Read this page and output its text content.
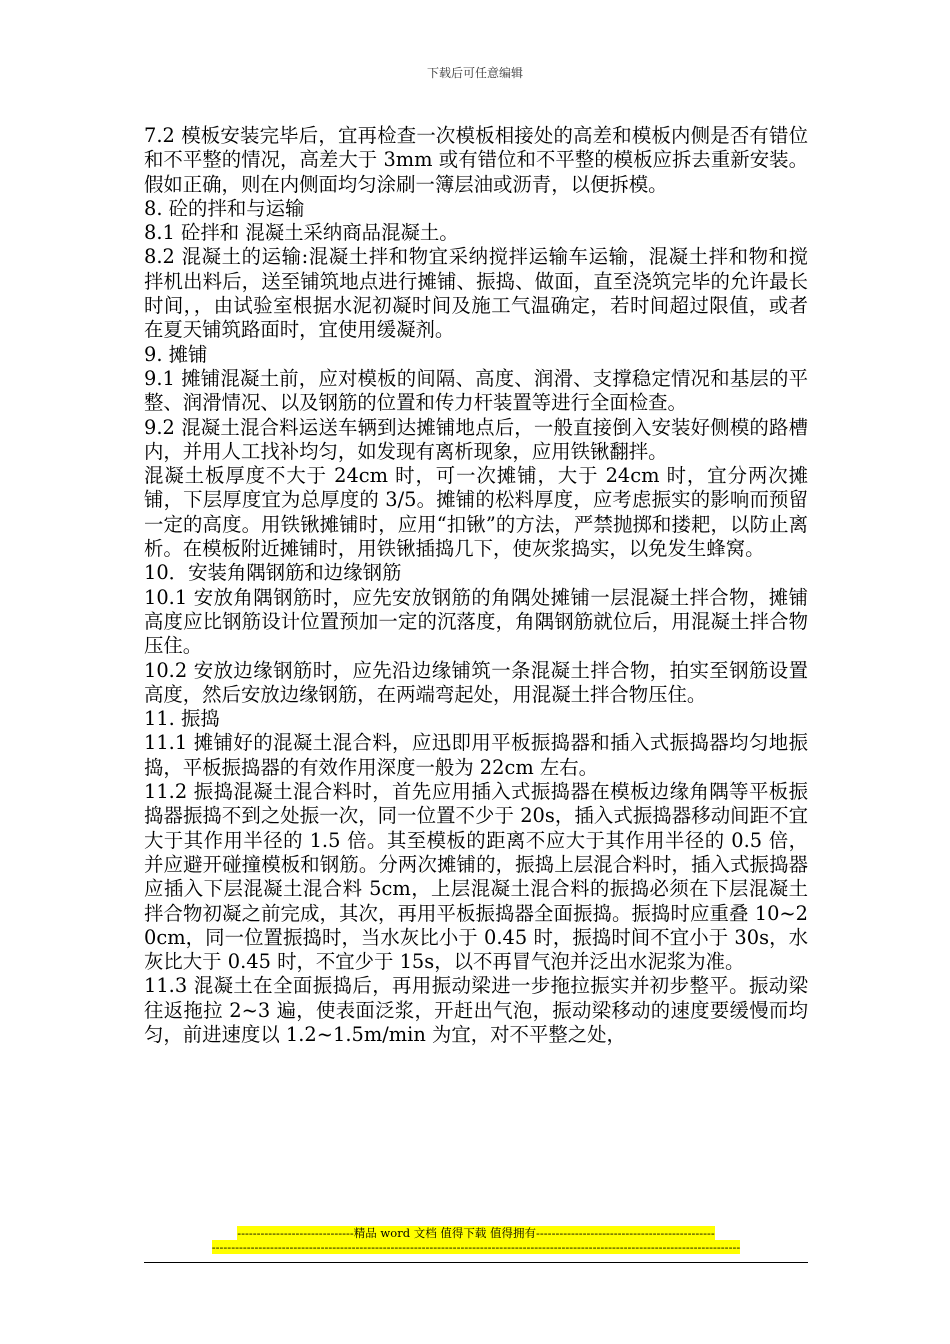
下载后可任意编辑

7.2 模板安装完毕后，宜再检查一次模板相接处的高差和模板内侧是否有错位和不平整的情况，高差大于 3mm 或有错位和不平整的模板应拆去重新安装。假如正确，则在内侧面均匀涂刷一簿层油或沥青，以便拆模。

8. 砼的拌和与运输

8.1 砼拌和 混凝土采纳商品混凝土。

8.2 混凝土的运输:混凝土拌和物宜采纳搅拌运输车运输，混凝土拌和物和搅拌机出料后，送至铺筑地点进行摊铺、振捣、做面，直至浇筑完毕的允许最长时间，，由试验室根据水泥初凝时间及施工气温确定，若时间超过限值，或者在夏天铺筑路面时，宜使用缓凝剂。

9. 摊铺

9.1 摊铺混凝土前，应对模板的间隔、高度、润滑、支撑稳定情况和基层的平整、润滑情况、以及钢筋的位置和传力杆装置等进行全面检查。

9.2 混凝土混合料运送车辆到达摊铺地点后，一般直接倒入安装好侧模的路槽内，并用人工找补均匀，如发现有离析现象，应用铁锹翻拌。

混凝土板厚度不大于 24cm 时，可一次摊铺，大于 24cm 时，宜分两次摊铺，下层厚度宜为总厚度的 3/5。摊铺的松料厚度，应考虑振实的影响而预留一定的高度。用铁锹摊铺时，应用“扣锹”的方法，严禁抛掷和搂耙，以防止离析。在模板附近摊铺时，用铁锹插捣几下，使灰浆捣实，以免发生蜂窝。

10．安装角隅钢筋和边缘钢筋

10.1 安放角隅钢筋时，应先安放钢筋的角隅处摊铺一层混凝土拌合物，摊铺高度应比钢筋设计位置预加一定的沉落度，角隅钢筋就位后，用混凝土拌合物压住。

10.2 安放边缘钢筋时，应先沿边缘铺筑一条混凝土拌合物，拍实至钢筋设置高度，然后安放边缘钢筋，在两端弯起处，用混凝土拌合物压住。

11. 振捣

11.1 摊铺好的混凝土混合料，应迅即用平板振捣器和插入式振捣器均匀地振捣，平板振捣器的有效作用深度一般为 22cm 左右。

11.2 振捣混凝土混合料时，首先应用插入式振捣器在模板边缘角隅等平板振捣器振捣不到之处振一次，同一位置不少于 20s，插入式振捣器移动间距不宜大于其作用半径的 1.5 倍。其至模板的距离不应大于其作用半径的 0.5 倍，并应避开碰撞模板和钢筋。分两次摊铺的，振捣上层混合料时，插入式振捣器应插入下层混凝土混合料 5cm，上层混凝土混合料的振捣必须在下层混凝土拌合物初凝之前完成，其次，再用平板振捣器全面振捣。振捣时应重叠 10~20cm，同一位置振捣时，当水灰比小于 0.45 时，振捣时间不宜小于 30s，水灰比大于 0.45 时，不宜少于 15s，以不再冒气泡并泛出水泥浆为准。

11.3 混凝土在全面振捣后，再用振动梁进一步拖拉振实并初步整平。振动梁往返拖拉 2~3 遍，使表面泛浆，开赶出气泡，振动梁移动的速度要缓慢而均匀，前进速度以 1.2~1.5m/min 为宜，对不平整之处，

------------------------------精品 word 文档 值得下载 值得拥有----------------------------------------------
----------------------------------------------------------------------------------------------------------------------------------------
